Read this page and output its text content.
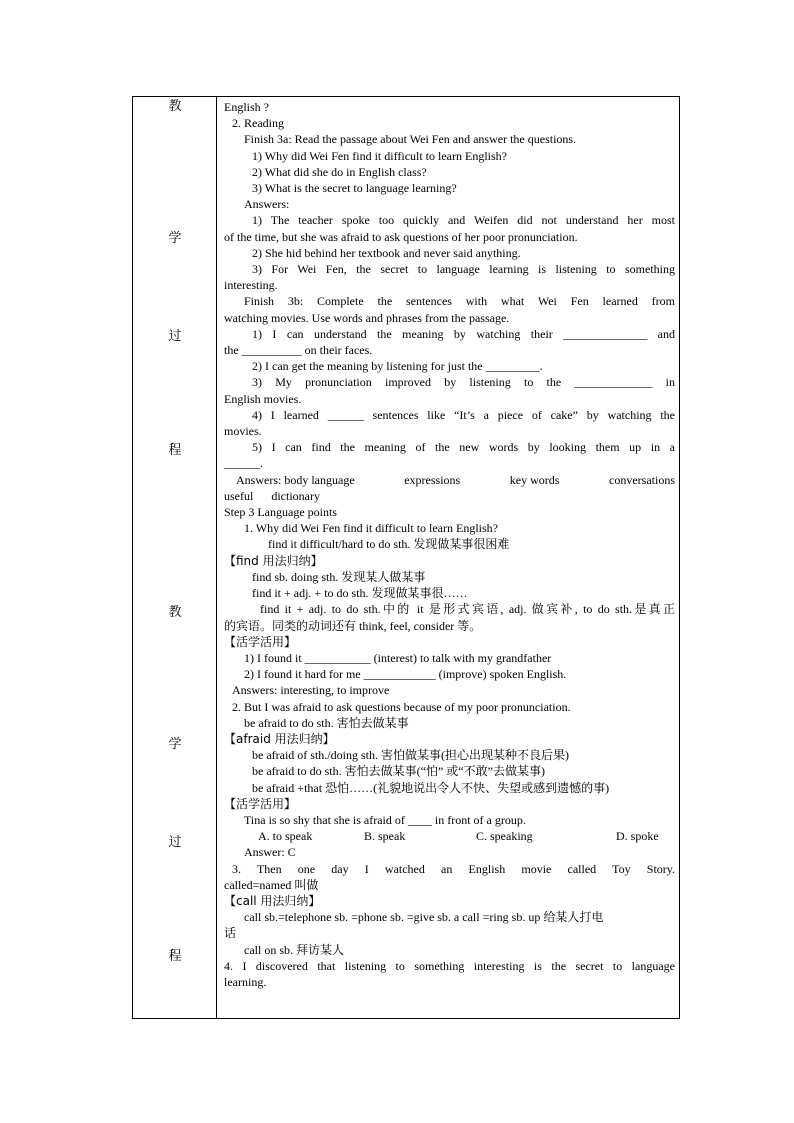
教
学
过
程
教
学
过
程
English ?
2. Reading
Finish 3a: Read the passage about Wei Fen and answer the questions.
1) Why did Wei Fen find it difficult to learn English?
2) What did she do in English class?
3) What is the secret to language learning?
Answers:
1) The teacher spoke too quickly and Weifen did not understand her most
of the time, but she was afraid to ask questions of her poor pronunciation.
2) She hid behind her textbook and never said anything.
3) For Wei Fen, the secret to language learning is listening to something
interesting.
Finish 3b: Complete the sentences with what Wei Fen learned from
watching movies. Use words and phrases from the passage.
1) I can understand the meaning by watching their ______________ and
the __________ on their faces.
2) I can get the meaning by listening for just the _________.
3) My pronunciation improved by listening to the _____________ in
English movies.
4) I learned ______ sentences like “It’s a piece of cake” by watching the
movies.
5) I can find the meaning of the new words by looking them up in a
______.
Answers: body language	expressions	key words	conversations
useful      dictionary
Step 3 Language points
1. Why did Wei Fen find it difficult to learn English?
find it difficult/hard to do sth. 发现做某事很困难
【find 用法归纳】
find sb. doing sth. 发现某人做某事
find it + adj. + to do sth. 发现做某事很……
find it + adj. to do sth.中的 it 是形式宾语, adj. 做宾补, to do sth.是真正
的宾语。同类的动词还有 think, feel, consider 等。
【活学活用】
1) I found it ___________ (interest) to talk with my grandfather
2) I found it hard for me ____________ (improve) spoken English.
Answers: interesting, to improve
2. But I was afraid to ask questions because of my poor pronunciation.
be afraid to do sth. 害怕去做某事
【afraid 用法归纳】
be afraid of sth./doing sth. 害怕做某事(担心出现某种不良后果)
be afraid to do sth. 害怕去做某事(“怕” 或“不敢”去做某事)
be afraid +that 恐怕……(礼貌地说出令人不快、失望或感到遗憾的事)
【活学活用】
Tina is so shy that she is afraid of ____ in front of a group.
A. to speak	B. speak	C. speaking	D. spoke
Answer: C
3. Then one day I watched an English movie called Toy Story.
called=named 叫做
【call 用法归纳】
call sb.=telephone sb. =phone sb. =give sb. a call =ring sb. up 给某人打电
话
call on sb. 拜访某人
4. I discovered that listening to something interesting is the secret to language
learning.
